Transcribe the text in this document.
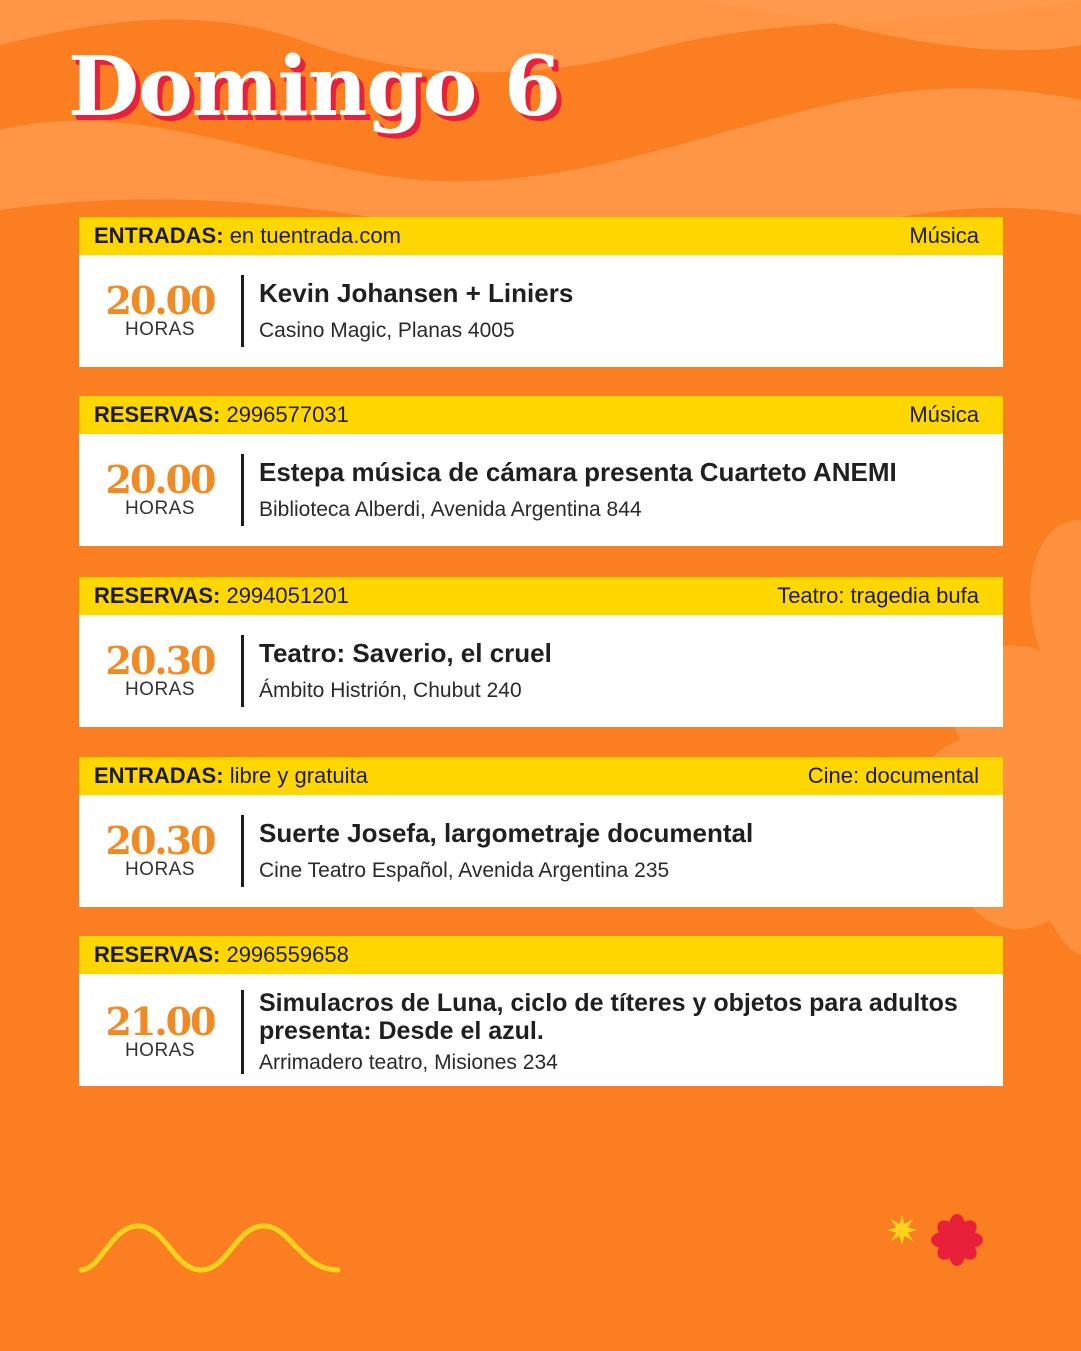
Domingo 6
ENTRADAS: en tuentrada.com	Música
20.00
HORAS
Kevin Johansen + Liniers
Casino Magic, Planas 4005
RESERVAS: 2996577031	Música
20.00
HORAS
Estepa música de cámara presenta Cuarteto ANEMI
Biblioteca Alberdi, Avenida Argentina 844
RESERVAS: 2994051201	Teatro: tragedia bufa
20.30
HORAS
Teatro: Saverio, el cruel
Ámbito Histrión, Chubut 240
ENTRADAS: libre y gratuita	Cine: documental
20.30
HORAS
Suerte Josefa, largometraje documental
Cine Teatro Español, Avenida Argentina 235
RESERVAS: 2996559658
21.00
HORAS
Simulacros de Luna, ciclo de títeres y objetos para adultos presenta: Desde el azul.
Arrimadero teatro, Misiones 234
